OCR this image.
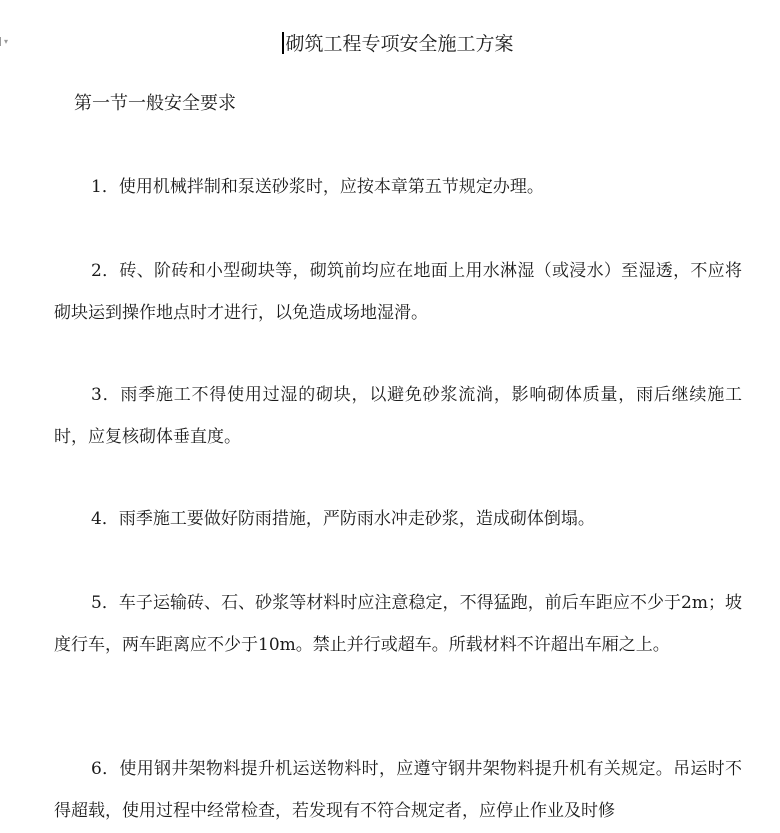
▾	砌筑工程专项安全施工方案
第一节一般安全要求

1．使用机械拌制和泵送砂浆时，应按本章第五节规定办理。

2．砖、阶砖和小型砌块等，砌筑前均应在地面上用水淋湿（或浸水）至湿透，不应将砌块运到操作地点时才进行，以免造成场地湿滑。

3．雨季施工不得使用过湿的砌块，以避免砂浆流淌，影响砌体质量，雨后继续施工时，应复核砌体垂直度。

4．雨季施工要做好防雨措施，严防雨水冲走砂浆，造成砌体倒塌。

5．车子运输砖、石、砂浆等材料时应注意稳定，不得猛跑，前后车距应不少于2m；坡度行车，两车距离应不少于10m。禁止并行或超车。所载材料不许超出车厢之上。

6．使用钢井架物料提升机运送物料时，应遵守钢井架物料提升机有关规定。吊运时不得超载，使用过程中经常检查，若发现有不符合规定者，应停止作业及时修
